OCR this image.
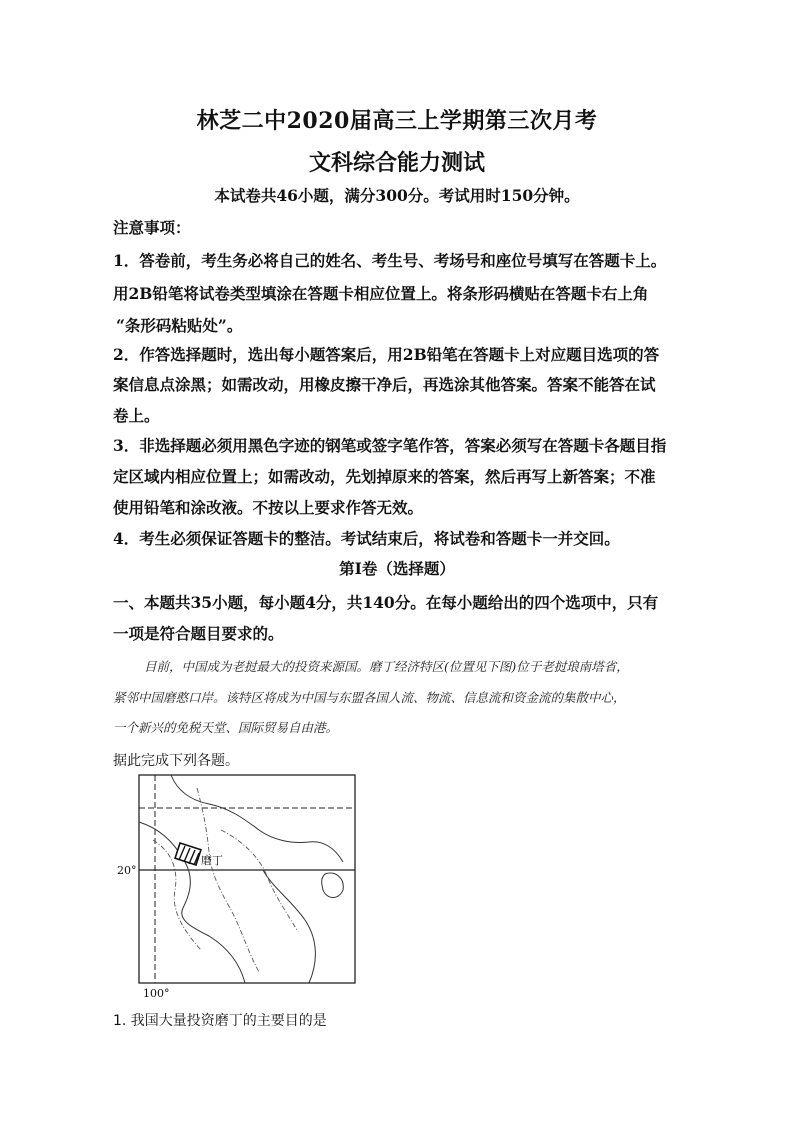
林芝二中2020届高三上学期第三次月考
文科综合能力测试
本试卷共46小题，满分300分。考试用时150分钟。
注意事项：
1．答卷前，考生务必将自己的姓名、考生号、考场号和座位号填写在答题卡上。
用2B铅笔将试卷类型填涂在答题卡相应位置上。将条形码横贴在答题卡右上角
“条形码粘贴处”。
2．作答选择题时，选出每小题答案后，用2B铅笔在答题卡上对应题目选项的答
案信息点涂黑；如需改动，用橡皮擦干净后，再选涂其他答案。答案不能答在试
卷上。
3．非选择题必须用黑色字迹的钢笔或签字笔作答，答案必须写在答题卡各题目指
定区域内相应位置上；如需改动，先划掉原来的答案，然后再写上新答案；不准
使用铅笔和涂改液。不按以上要求作答无效。
4．考生必须保证答题卡的整洁。考试结束后，将试卷和答题卡一并交回。
第Ⅰ卷（选择题）
一、本题共35小题，每小题4分，共140分。在每小题给出的四个选项中，只有
一项是符合题目要求的。
目前，中国成为老挝最大的投资来源国。磨丁经济特区(位置见下图)位于老挝琅南塔省，
紧邻中国磨憨口岸。该特区将成为中国与东盟各国人流、物流、信息流和资金流的集散中心，
一个新兴的免税天堂、国际贸易自由港。
据此完成下列各题。
磨丁
20°
100°
1. 我国大量投资磨丁的主要目的是
